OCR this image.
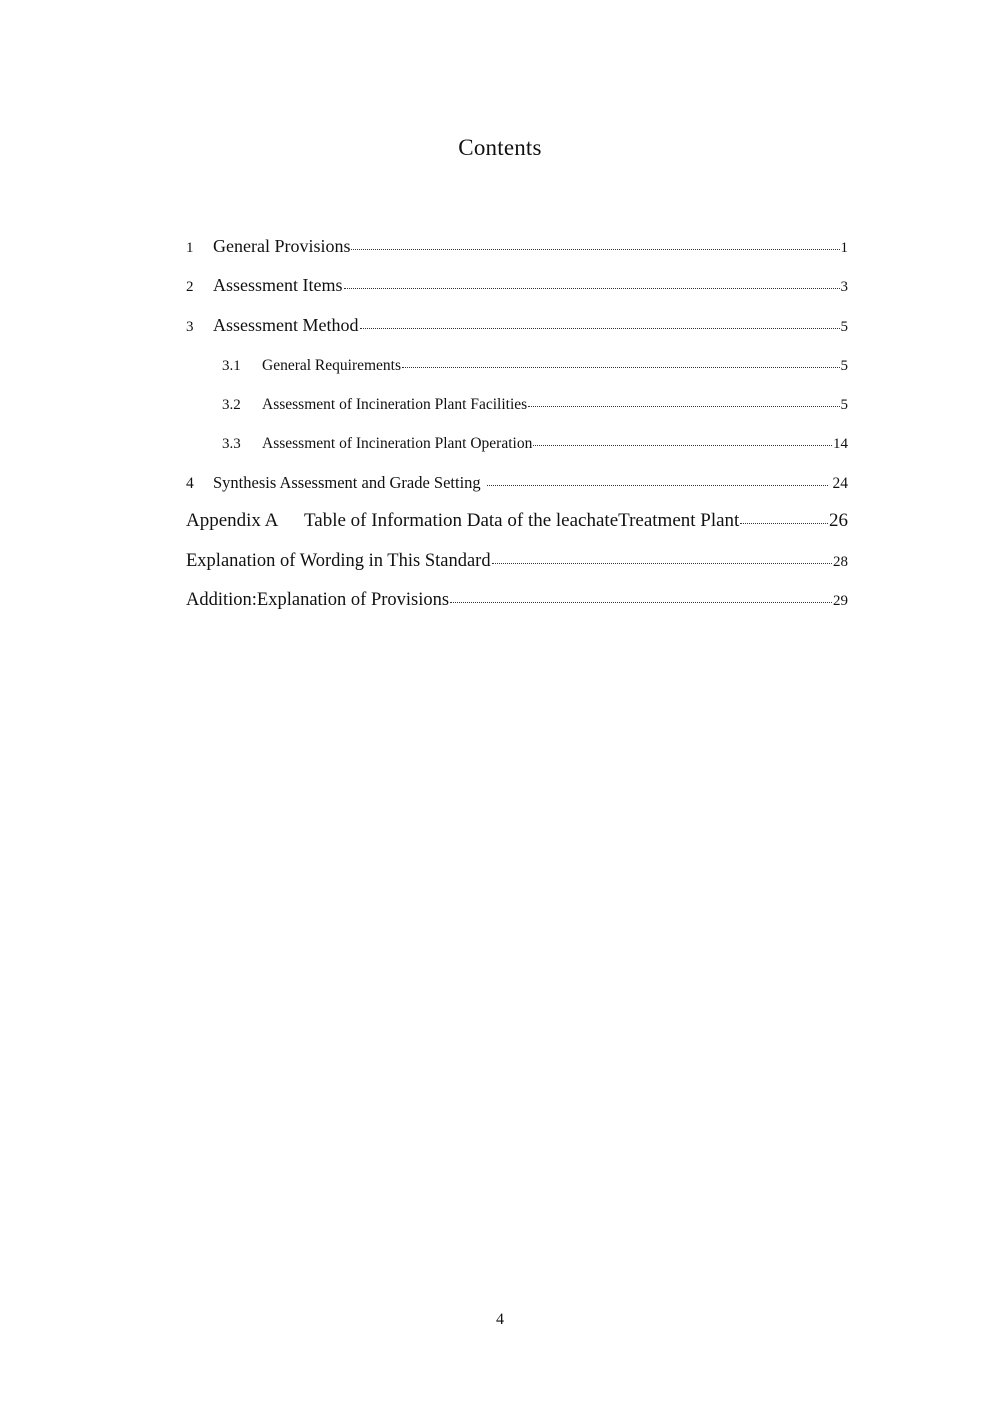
Contents
1	General Provisions	1
2	Assessment Items	3
3	Assessment Method	5
3.1	General Requirements	5
3.2	Assessment of Incineration Plant Facilities	5
3.3	Assessment of Incineration Plant Operation	14
4	Synthesis Assessment and Grade Setting	24
Appendix A	Table of Information Data of the leachateTreatment Plant	26
Explanation of Wording in This Standard	28
Addition:Explanation of Provisions	29
4
